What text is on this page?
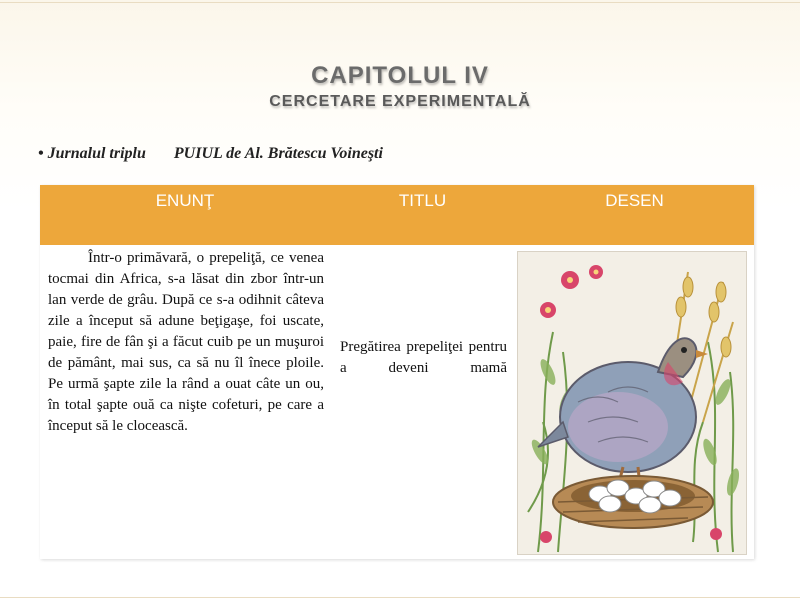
CAPITOLUL IV
CERCETARE EXPERIMENTALĂ
• Jurnalul triplu PUIUL de Al. Brătescu Voineşti
ENUNŢ	TITLU	DESEN
Într-o primăvară, o prepeliţă, ce venea tocmai din Africa, s-a lăsat din zbor într-un lan verde de grâu. După ce s-a odihnit câteva zile a început să adune beţigaşe, foi uscate, paie, fire de fân şi a făcut cuib pe un muşuroi de pământ, mai sus, ca să nu îl înece ploile. Pe urmă şapte zile la rând a ouat câte un ou, în total şapte ouă ca nişte cofeturi, pe care a început să le clocească.
Pregătirea prepeliţei pentru a deveni mamă
